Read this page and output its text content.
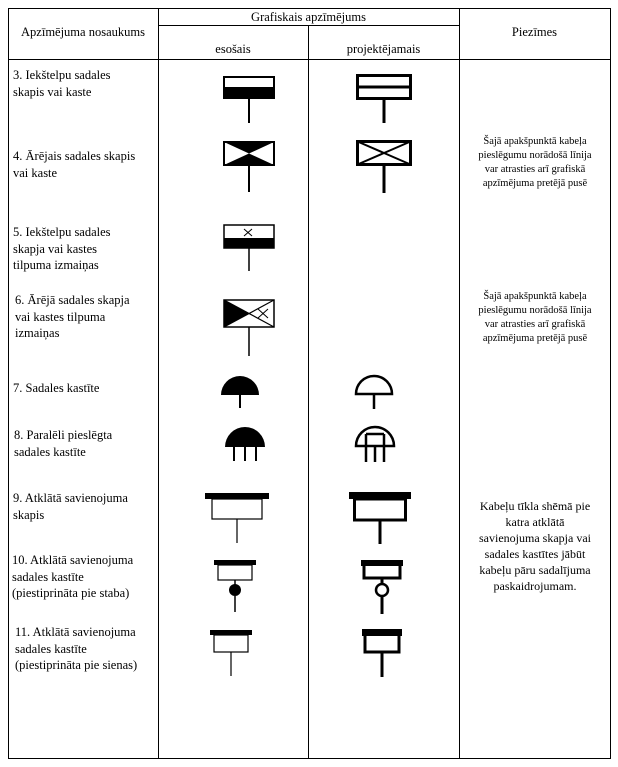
Apzīmējuma nosaukums
Grafiskais apzīmējums
esošais	projektējamais
Piezīmes
3. Iekštelpu sadales
skapis vai kaste
4. Ārējais sadales skapis
vai kaste
5. Iekštelpu sadales
skapja vai kastes
tilpuma izmaiņas
6. Ārējā sadales skapja
vai kastes tilpuma
izmaiņas
7. Sadales kastīte
8. Paralēli pieslēgta
sadales kastīte
9. Atklātā savienojuma
skapis
10. Atklātā savienojuma
sadales kastīte
(piestiprināta pie staba)
11. Atklātā savienojuma
sadales kastīte
(piestiprināta pie sienas)
Šajā apakšpunktā kabeļa
pieslēgumu norādošā līnija
var atrasties arī grafiskā
apzīmējuma pretējā pusē
Šajā apakšpunktā kabeļa
pieslēgumu norādošā līnija
var atrasties arī grafiskā
apzīmējuma pretējā pusē
Kabeļu tīkla shēmā pie
katra atklātā
savienojuma skapja vai
sadales kastītes jābūt
kabeļu pāru sadalījuma
paskaidrojumam.
